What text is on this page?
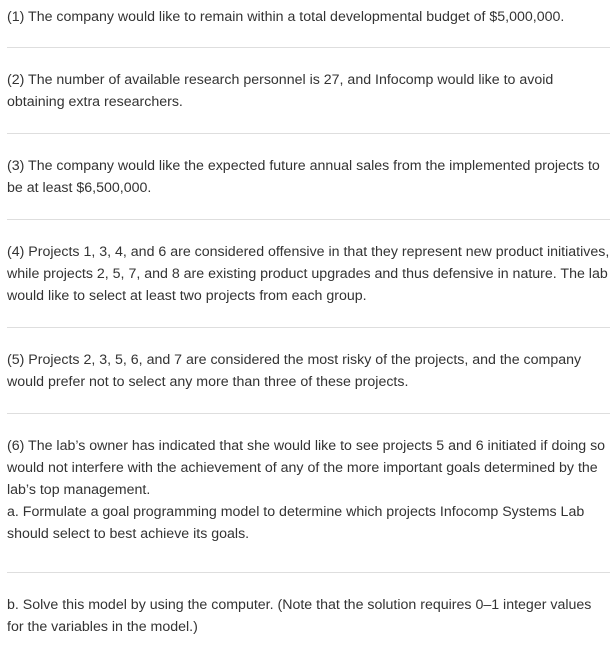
(1) The company would like to remain within a total developmental budget of $5,000,000.

(2) The number of available research personnel is 27, and Infocomp would like to avoid obtaining extra researchers.

(3) The company would like the expected future annual sales from the implemented projects to be at least $6,500,000.

(4) Projects 1, 3, 4, and 6 are considered offensive in that they represent new product initiatives, while projects 2, 5, 7, and 8 are existing product upgrades and thus defensive in nature. The lab would like to select at least two projects from each group.

(5) Projects 2, 3, 5, 6, and 7 are considered the most risky of the projects, and the company would prefer not to select any more than three of these projects.

(6) The lab’s owner has indicated that she would like to see projects 5 and 6 initiated if doing so would not interfere with the achievement of any of the more important goals determined by the lab’s top management.

a. Formulate a goal programming model to determine which projects Infocomp Systems Lab should select to best achieve its goals.

b. Solve this model by using the computer. (Note that the solution requires 0–1 integer values for the variables in the model.)
